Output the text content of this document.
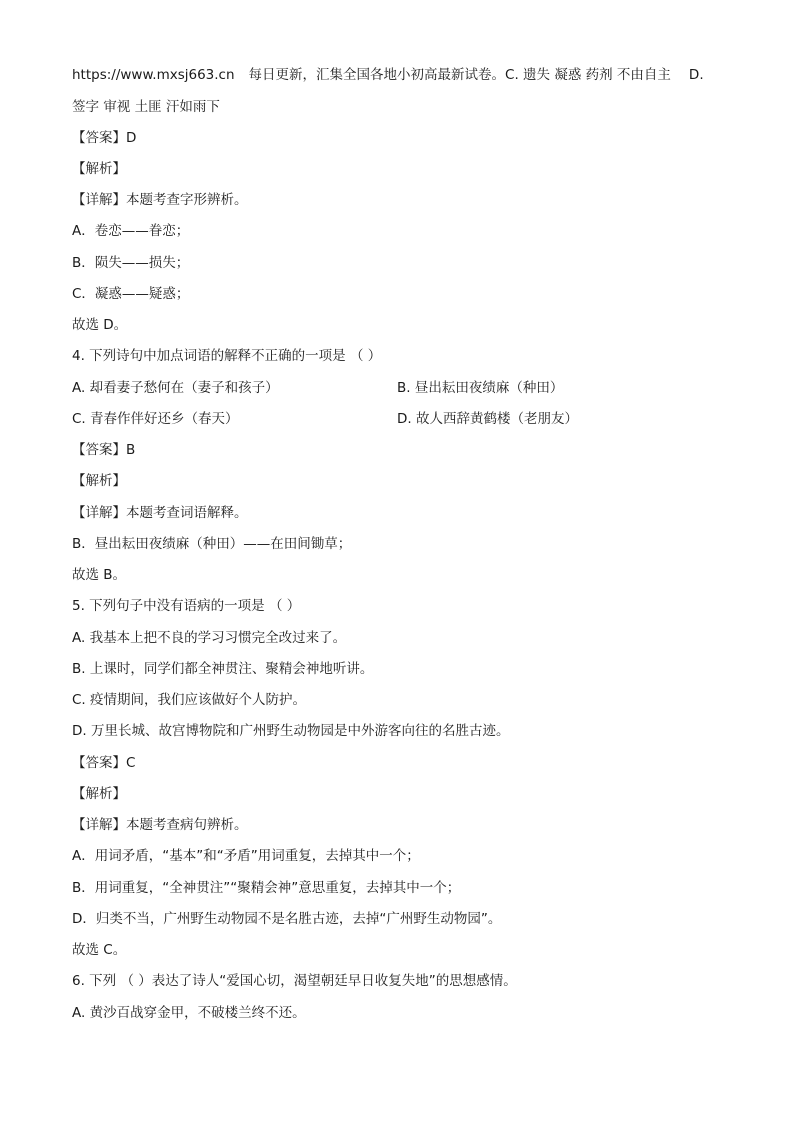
https://www.mxsj663.cn 每日更新，汇集全国各地小初高最新试卷。C. 遗失 凝惑 药剂 不由自主 D.
签字 审视 土匪 汗如雨下
【答案】D
【解析】
【详解】本题考查字形辨析。
A．卷恋——眷恋；
B．陨失——损失；
C．凝惑——疑惑；
故选 D。
4. 下列诗句中加点词语的解释不正确的一项是 （ ）
A. 却看妻子愁何在（妻子和孩子）	B. 昼出耘田夜绩麻（种田）
C. 青春作伴好还乡（春天）	D. 故人西辞黄鹤楼（老朋友）
【答案】B
【解析】
【详解】本题考查词语解释。
B．昼出耘田夜绩麻（种田）——在田间锄草；
故选 B。
5. 下列句子中没有语病的一项是 （ ）
A. 我基本上把不良的学习习惯完全改过来了。
B. 上课时，同学们都全神贯注、聚精会神地听讲。
C. 疫情期间，我们应该做好个人防护。
D. 万里长城、故宫博物院和广州野生动物园是中外游客向往的名胜古迹。
【答案】C
【解析】
【详解】本题考查病句辨析。
A．用词矛盾，“基本”和“矛盾”用词重复，去掉其中一个；
B．用词重复，“全神贯注”“聚精会神”意思重复，去掉其中一个；
D．归类不当，广州野生动物园不是名胜古迹，去掉“广州野生动物园”。
故选 C。
6. 下列 （ ）表达了诗人“爱国心切，渴望朝廷早日收复失地”的思想感情。
A. 黄沙百战穿金甲，不破楼兰终不还。
